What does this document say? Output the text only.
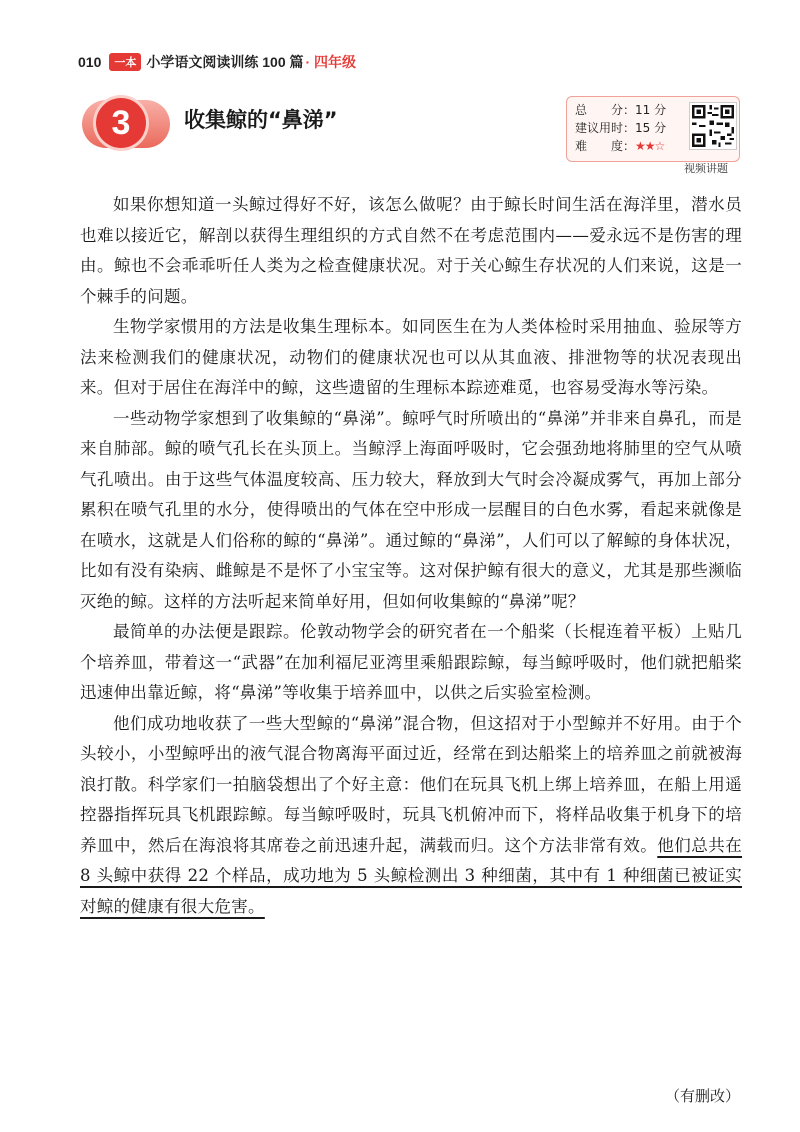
010	一本 小学语文阅读训练 100 篇 · 四年级
3	收集鲸的“鼻涕”	总　　分： 11 分
建议用时： 15 分
难　　度： ★★☆
视频讲题

如果你想知道一头鲸过得好不好，该怎么做呢？由于鲸长时间生活在海洋里，潜水员也难以接近它，解剖以获得生理组织的方式自然不在考虑范围内——爱永远不是伤害的理由。鲸也不会乖乖听任人类为之检查健康状况。对于关心鲸生存状况的人们来说，这是一个棘手的问题。

生物学家惯用的方法是收集生理标本。如同医生在为人类体检时采用抽血、验尿等方法来检测我们的健康状况，动物们的健康状况也可以从其血液、排泄物等的状况表现出来。但对于居住在海洋中的鲸，这些遗留的生理标本踪迹难觅，也容易受海水等污染。

一些动物学家想到了收集鲸的“鼻涕”。鲸呼气时所喷出的“鼻涕”并非来自鼻孔，而是来自肺部。鲸的喷气孔长在头顶上。当鲸浮上海面呼吸时，它会强劲地将肺里的空气从喷气孔喷出。由于这些气体温度较高、压力较大，释放到大气时会冷凝成雾气，再加上部分累积在喷气孔里的水分，使得喷出的气体在空中形成一层醒目的白色水雾，看起来就像是在喷水，这就是人们俗称的鲸的“鼻涕”。通过鲸的“鼻涕”，人们可以了解鲸的身体状况，比如有没有染病、雌鲸是不是怀了小宝宝等。这对保护鲸有很大的意义，尤其是那些濒临灭绝的鲸。这样的方法听起来简单好用，但如何收集鲸的“鼻涕”呢？

最简单的办法便是跟踪。伦敦动物学会的研究者在一个船桨（长棍连着平板）上贴几个培养皿，带着这一“武器”在加利福尼亚湾里乘船跟踪鲸，每当鲸呼吸时，他们就把船桨迅速伸出靠近鲸，将“鼻涕”等收集于培养皿中，以供之后实验室检测。

他们成功地收获了一些大型鲸的“鼻涕”混合物，但这招对于小型鲸并不好用。由于个头较小，小型鲸呼出的液气混合物离海平面过近，经常在到达船桨上的培养皿之前就被海浪打散。科学家们一拍脑袋想出了个好主意：他们在玩具飞机上绑上培养皿，在船上用遥控器指挥玩具飞机跟踪鲸。每当鲸呼吸时，玩具飞机俯冲而下，将样品收集于机身下的培养皿中，然后在海浪将其席卷之前迅速升起，满载而归。这个方法非常有效。他们总共在 8 头鲸中获得 22 个样品，成功地为 5 头鲸检测出 3 种细菌，其中有 1 种细菌已被证实对鲸的健康有很大危害。

（有删改）
